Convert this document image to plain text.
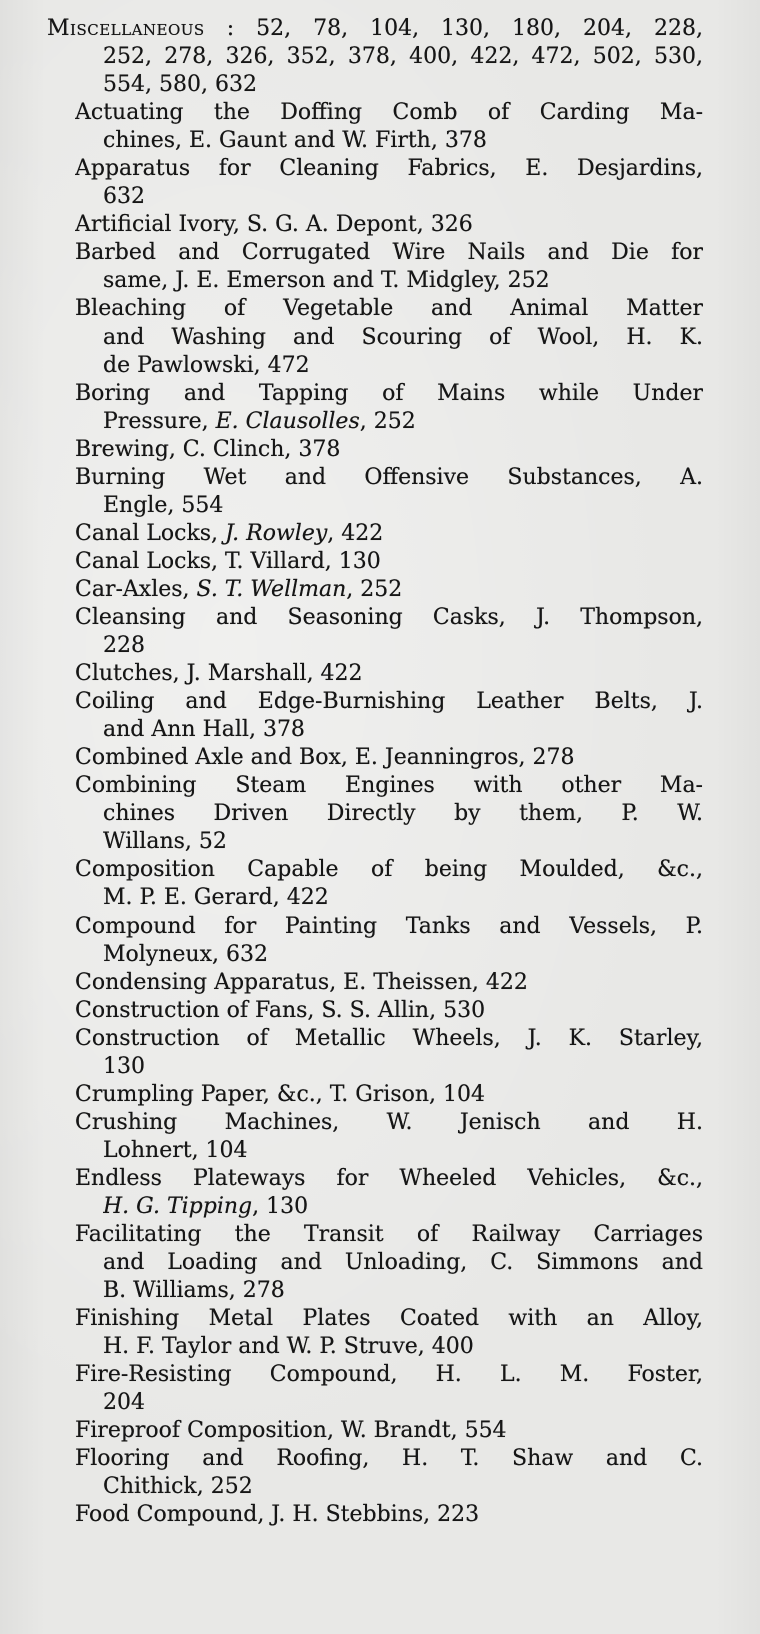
Miscellaneous : 52, 78, 104, 130, 180, 204, 228,
252, 278, 326, 352, 378, 400, 422, 472, 502, 530,
554, 580, 632
Actuating the Doffing Comb of Carding Ma-
chines, E. Gaunt and W. Firth, 378
Apparatus for Cleaning Fabrics, E. Desjardins,
632
Artificial Ivory, S. G. A. Depont, 326
Barbed and Corrugated Wire Nails and Die for
same, J. E. Emerson and T. Midgley, 252
Bleaching of Vegetable and Animal Matter
and Washing and Scouring of Wool, H. K.
de Pawlowski, 472
Boring and Tapping of Mains while Under
Pressure, E. Clausolles, 252
Brewing, C. Clinch, 378
Burning Wet and Offensive Substances, A.
Engle, 554
Canal Locks, J. Rowley, 422
Canal Locks, T. Villard, 130
Car-Axles, S. T. Wellman, 252
Cleansing and Seasoning Casks, J. Thompson,
228
Clutches, J. Marshall, 422
Coiling and Edge-Burnishing Leather Belts, J.
and Ann Hall, 378
Combined Axle and Box, E. Jeanningros, 278
Combining Steam Engines with other Ma-
chines Driven Directly by them, P. W.
Willans, 52
Composition Capable of being Moulded, &c.,
M. P. E. Gerard, 422
Compound for Painting Tanks and Vessels, P.
Molyneux, 632
Condensing Apparatus, E. Theissen, 422
Construction of Fans, S. S. Allin, 530
Construction of Metallic Wheels, J. K. Starley,
130
Crumpling Paper, &c., T. Grison, 104
Crushing Machines, W. Jenisch and H.
Lohnert, 104
Endless Plateways for Wheeled Vehicles, &c.,
H. G. Tipping, 130
Facilitating the Transit of Railway Carriages
and Loading and Unloading, C. Simmons and
B. Williams, 278
Finishing Metal Plates Coated with an Alloy,
H. F. Taylor and W. P. Struve, 400
Fire-Resisting Compound, H. L. M. Foster,
204
Fireproof Composition, W. Brandt, 554
Flooring and Roofing, H. T. Shaw and C.
Chithick, 252
Food Compound, J. H. Stebbins, 223
